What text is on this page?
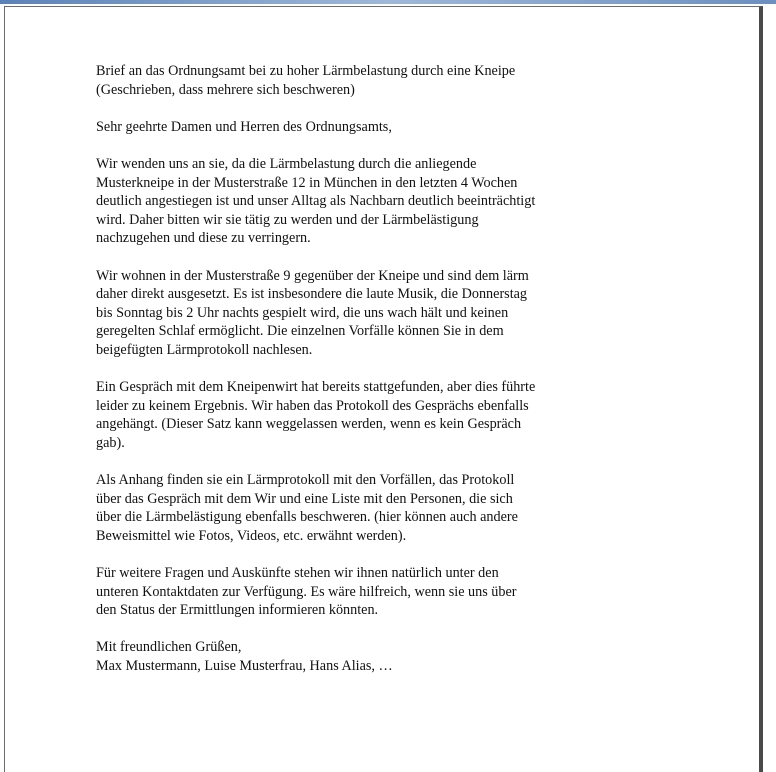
Brief an das Ordnungsamt bei zu hoher Lärmbelastung durch eine Kneipe
(Geschrieben, dass mehrere sich beschweren)

Sehr geehrte Damen und Herren des Ordnungsamts,

Wir wenden uns an sie, da die Lärmbelastung durch die anliegende
Musterkneipe in der Musterstraße 12 in München in den letzten 4 Wochen
deutlich angestiegen ist und unser Alltag als Nachbarn deutlich beeinträchtigt
wird. Daher bitten wir sie tätig zu werden und der Lärmbelästigung
nachzugehen und diese zu verringern.

Wir wohnen in der Musterstraße 9 gegenüber der Kneipe und sind dem lärm
daher direkt ausgesetzt. Es ist insbesondere die laute Musik, die Donnerstag
bis Sonntag bis 2 Uhr nachts gespielt wird, die uns wach hält und keinen
geregelten Schlaf ermöglicht. Die einzelnen Vorfälle können Sie in dem
beigefügten Lärmprotokoll nachlesen.

Ein Gespräch mit dem Kneipenwirt hat bereits stattgefunden, aber dies führte
leider zu keinem Ergebnis. Wir haben das Protokoll des Gesprächs ebenfalls
angehängt. (Dieser Satz kann weggelassen werden, wenn es kein Gespräch
gab).

Als Anhang finden sie ein Lärmprotokoll mit den Vorfällen, das Protokoll
über das Gespräch mit dem Wir und eine Liste mit den Personen, die sich
über die Lärmbelästigung ebenfalls beschweren. (hier können auch andere
Beweismittel wie Fotos, Videos, etc. erwähnt werden).

Für weitere Fragen und Auskünfte stehen wir ihnen natürlich unter den
unteren Kontaktdaten zur Verfügung. Es wäre hilfreich, wenn sie uns über
den Status der Ermittlungen informieren könnten.

Mit freundlichen Grüßen,
Max Mustermann, Luise Musterfrau, Hans Alias, …
